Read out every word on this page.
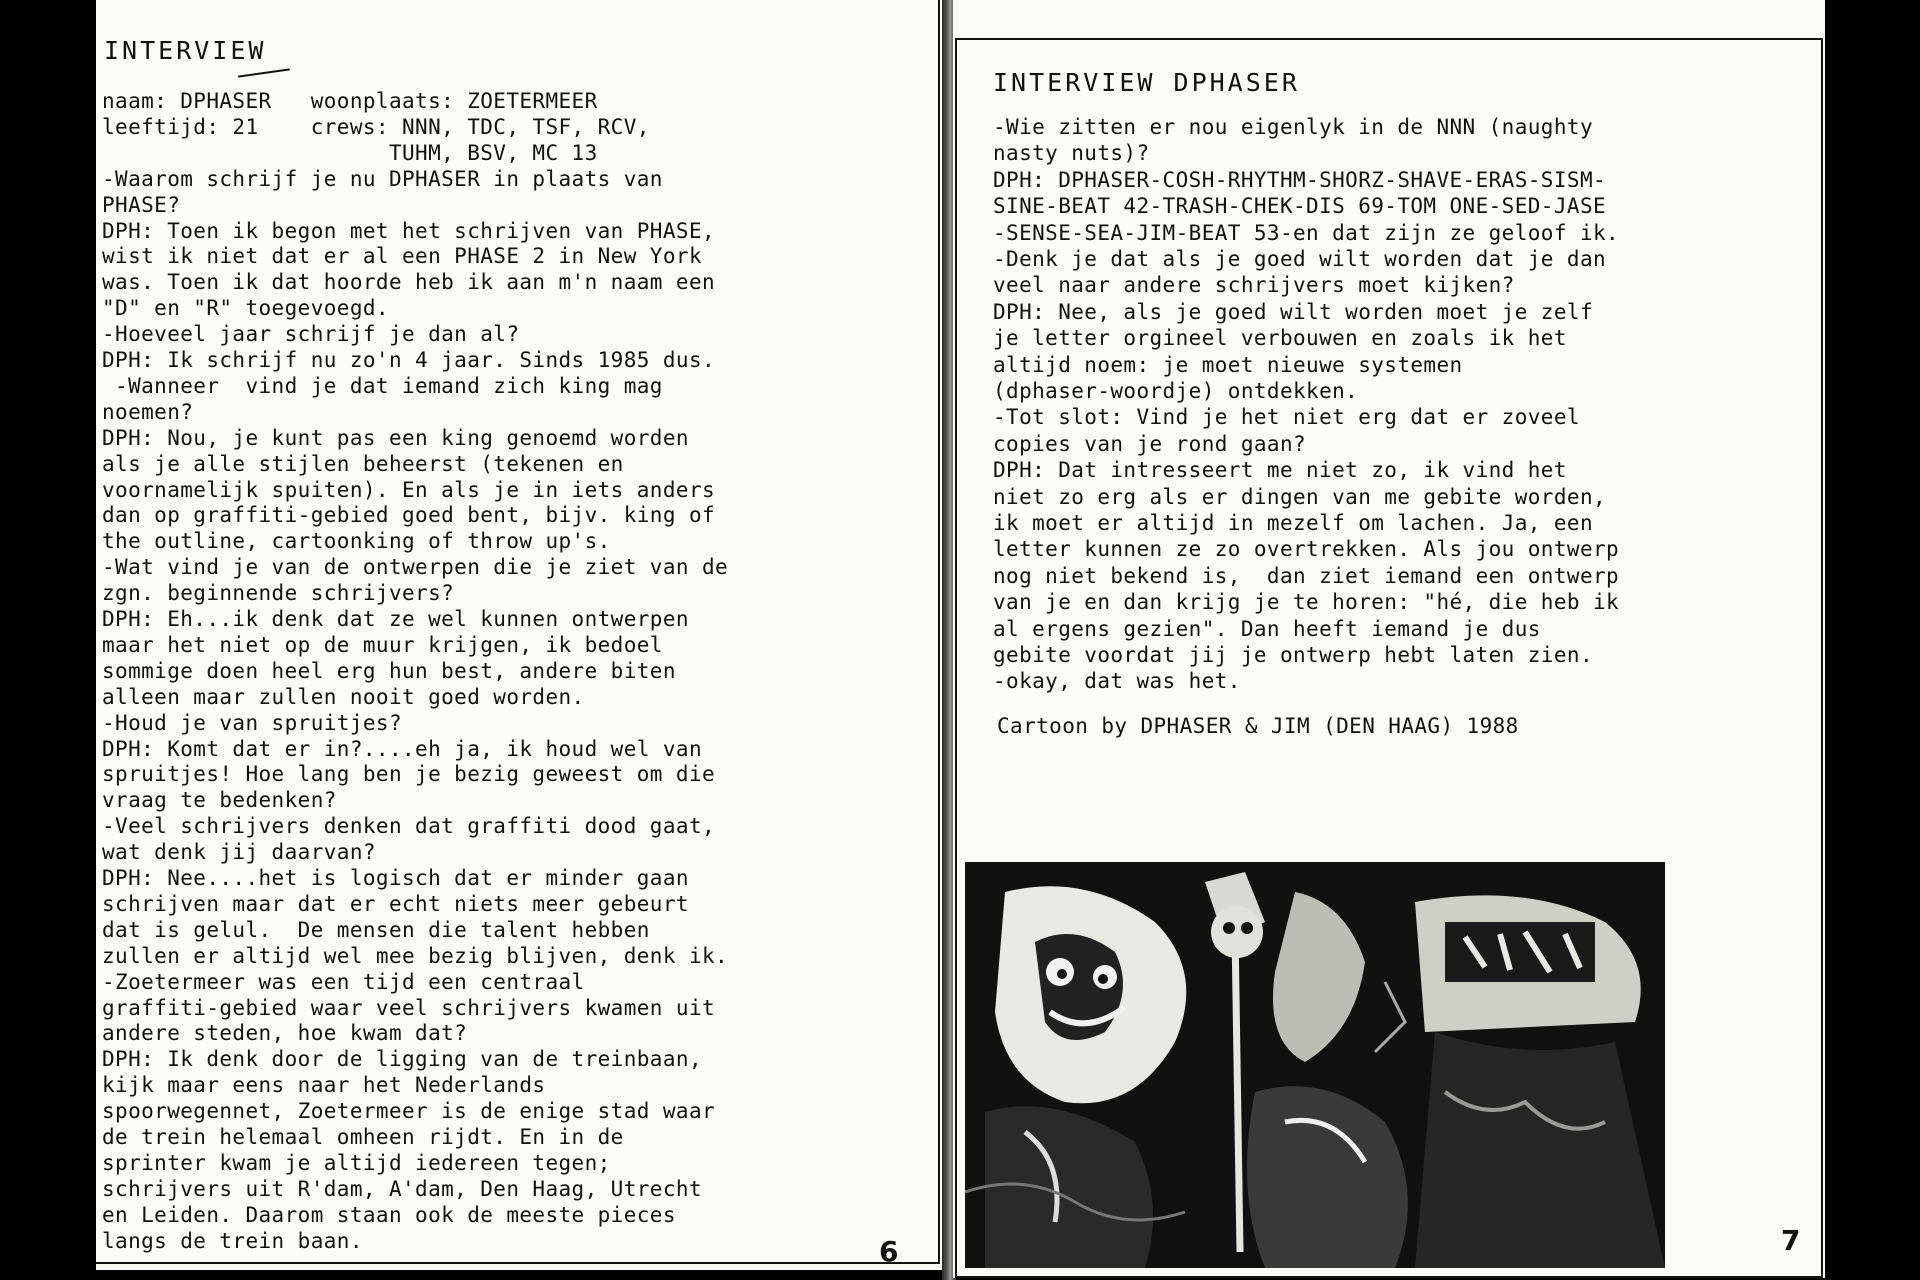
INTERVIEW
naam: DPHASER   woonplaats: ZOETERMEER
leeftijd: 21    crews: NNN, TDC, TSF, RCV,
TUHM, BSV, MC 13
-Waarom schrijf je nu DPHASER in plaats van
PHASE?
DPH: Toen ik begon met het schrijven van PHASE,
wist ik niet dat er al een PHASE 2 in New York
was. Toen ik dat hoorde heb ik aan m'n naam een
"D" en "R" toegevoegd.
-Hoeveel jaar schrijf je dan al?
DPH: Ik schrijf nu zo'n 4 jaar. Sinds 1985 dus.
-Wanneer  vind je dat iemand zich king mag
noemen?
DPH: Nou, je kunt pas een king genoemd worden
als je alle stijlen beheerst (tekenen en
voornamelijk spuiten). En als je in iets anders
dan op graffiti-gebied goed bent, bijv. king of
the outline, cartoonking of throw up's.
-Wat vind je van de ontwerpen die je ziet van de
zgn. beginnende schrijvers?
DPH: Eh...ik denk dat ze wel kunnen ontwerpen
maar het niet op de muur krijgen, ik bedoel
sommige doen heel erg hun best, andere biten
alleen maar zullen nooit goed worden.
-Houd je van spruitjes?
DPH: Komt dat er in?....eh ja, ik houd wel van
spruitjes! Hoe lang ben je bezig geweest om die
vraag te bedenken?
-Veel schrijvers denken dat graffiti dood gaat,
wat denk jij daarvan?
DPH: Nee....het is logisch dat er minder gaan
schrijven maar dat er echt niets meer gebeurt
dat is gelul.  De mensen die talent hebben
zullen er altijd wel mee bezig blijven, denk ik.
-Zoetermeer was een tijd een centraal
graffiti-gebied waar veel schrijvers kwamen uit
andere steden, hoe kwam dat?
DPH: Ik denk door de ligging van de treinbaan,
kijk maar eens naar het Nederlands
spoorwegennet, Zoetermeer is de enige stad waar
de trein helemaal omheen rijdt. En in de
sprinter kwam je altijd iedereen tegen;
schrijvers uit R'dam, A'dam, Den Haag, Utrecht
en Leiden. Daarom staan ook de meeste pieces
langs de trein baan.	6
INTERVIEW DPHASER
-Wie zitten er nou eigenlyk in de NNN (naughty
nasty nuts)?
DPH: DPHASER-COSH-RHYTHM-SHORZ-SHAVE-ERAS-SISM-
SINE-BEAT 42-TRASH-CHEK-DIS 69-TOM ONE-SED-JASE
-SENSE-SEA-JIM-BEAT 53-en dat zijn ze geloof ik.
-Denk je dat als je goed wilt worden dat je dan
veel naar andere schrijvers moet kijken?
DPH: Nee, als je goed wilt worden moet je zelf
je letter orgineel verbouwen en zoals ik het
altijd noem: je moet nieuwe systemen
(dphaser-woordje) ontdekken.
-Tot slot: Vind je het niet erg dat er zoveel
copies van je rond gaan?
DPH: Dat intresseert me niet zo, ik vind het
niet zo erg als er dingen van me gebite worden,
ik moet er altijd in mezelf om lachen. Ja, een
letter kunnen ze zo overtrekken. Als jou ontwerp
nog niet bekend is,  dan ziet iemand een ontwerp
van je en dan krijg je te horen: "hé, die heb ik
al ergens gezien". Dan heeft iemand je dus
gebite voordat jij je ontwerp hebt laten zien.
-okay, dat was het.
Cartoon by DPHASER & JIM (DEN HAAG) 1988
7
